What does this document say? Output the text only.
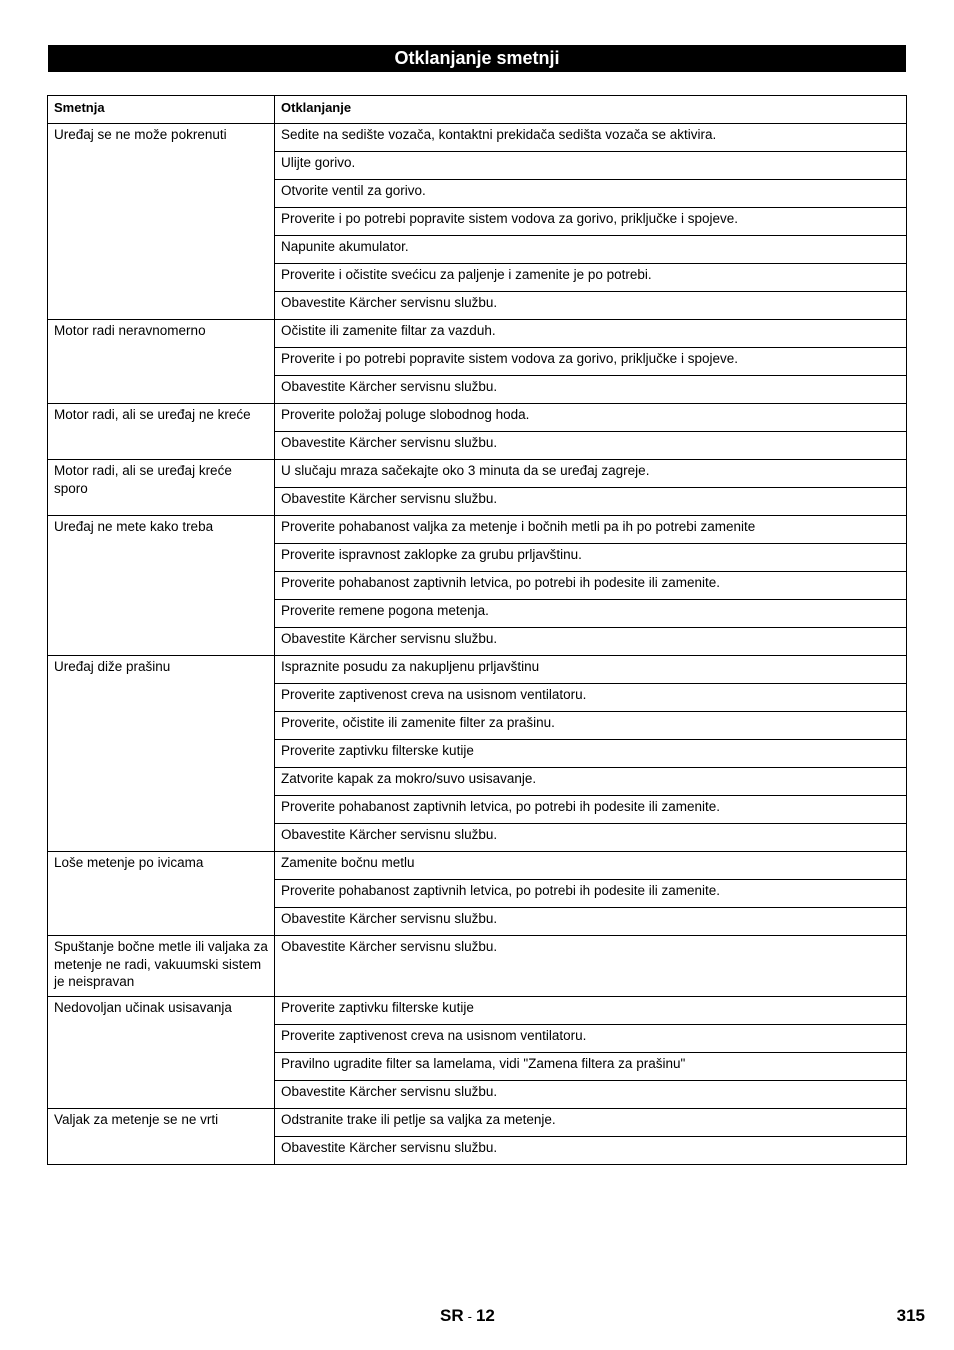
Otklanjanje smetnji
Smetnja	Otklanjanje
Uređaj se ne može pokrenuti	Sedite na sedište vozača, kontaktni prekidača sedišta vozača se aktivira.
	Ulijte gorivo.
	Otvorite ventil za gorivo.
	Proverite i po potrebi popravite sistem vodova za gorivo, priključke i spojeve.
	Napunite akumulator.
	Proverite i očistite svećicu za paljenje i zamenite je po potrebi.
	Obavestite Kärcher servisnu službu.
Motor radi neravnomerno	Očistite ili zamenite filtar za vazduh.
	Proverite i po potrebi popravite sistem vodova za gorivo, priključke i spojeve.
	Obavestite Kärcher servisnu službu.
Motor radi, ali se uređaj ne kreće	Proverite položaj poluge slobodnog hoda.
	Obavestite Kärcher servisnu službu.
Motor radi, ali se uređaj kreće sporo	U slučaju mraza sačekajte oko 3 minuta da se uređaj zagreje.
	Obavestite Kärcher servisnu službu.
Uređaj ne mete kako treba	Proverite pohabanost valjka za metenje i bočnih metli pa ih po potrebi zamenite
	Proverite ispravnost zaklopke za grubu prljavštinu.
	Proverite pohabanost zaptivnih letvica, po potrebi ih podesite ili zamenite.
	Proverite remene pogona metenja.
	Obavestite Kärcher servisnu službu.
Uređaj diže prašinu	Ispraznite posudu za nakupljenu prljavštinu
	Proverite zaptivenost creva na usisnom ventilatoru.
	Proverite, očistite ili zamenite filter za prašinu.
	Proverite zaptivku filterske kutije
	Zatvorite kapak za mokro/suvo usisavanje.
	Proverite pohabanost zaptivnih letvica, po potrebi ih podesite ili zamenite.
	Obavestite Kärcher servisnu službu.
Loše metenje po ivicama	Zamenite bočnu metlu
	Proverite pohabanost zaptivnih letvica, po potrebi ih podesite ili zamenite.
	Obavestite Kärcher servisnu službu.
Spuštanje bočne metle ili valjaka za metenje ne radi, vakuumski sistem je neispravan	Obavestite Kärcher servisnu službu.
Nedovoljan učinak usisavanja	Proverite zaptivku filterske kutije
	Proverite zaptivenost creva na usisnom ventilatoru.
	Pravilno ugradite filter sa lamelama, vidi "Zamena filtera za prašinu"
	Obavestite Kärcher servisnu službu.
Valjak za metenje se ne vrti	Odstranite trake ili petlje sa valjka za metenje.
	Obavestite Kärcher servisnu službu.
SR - 12	315
